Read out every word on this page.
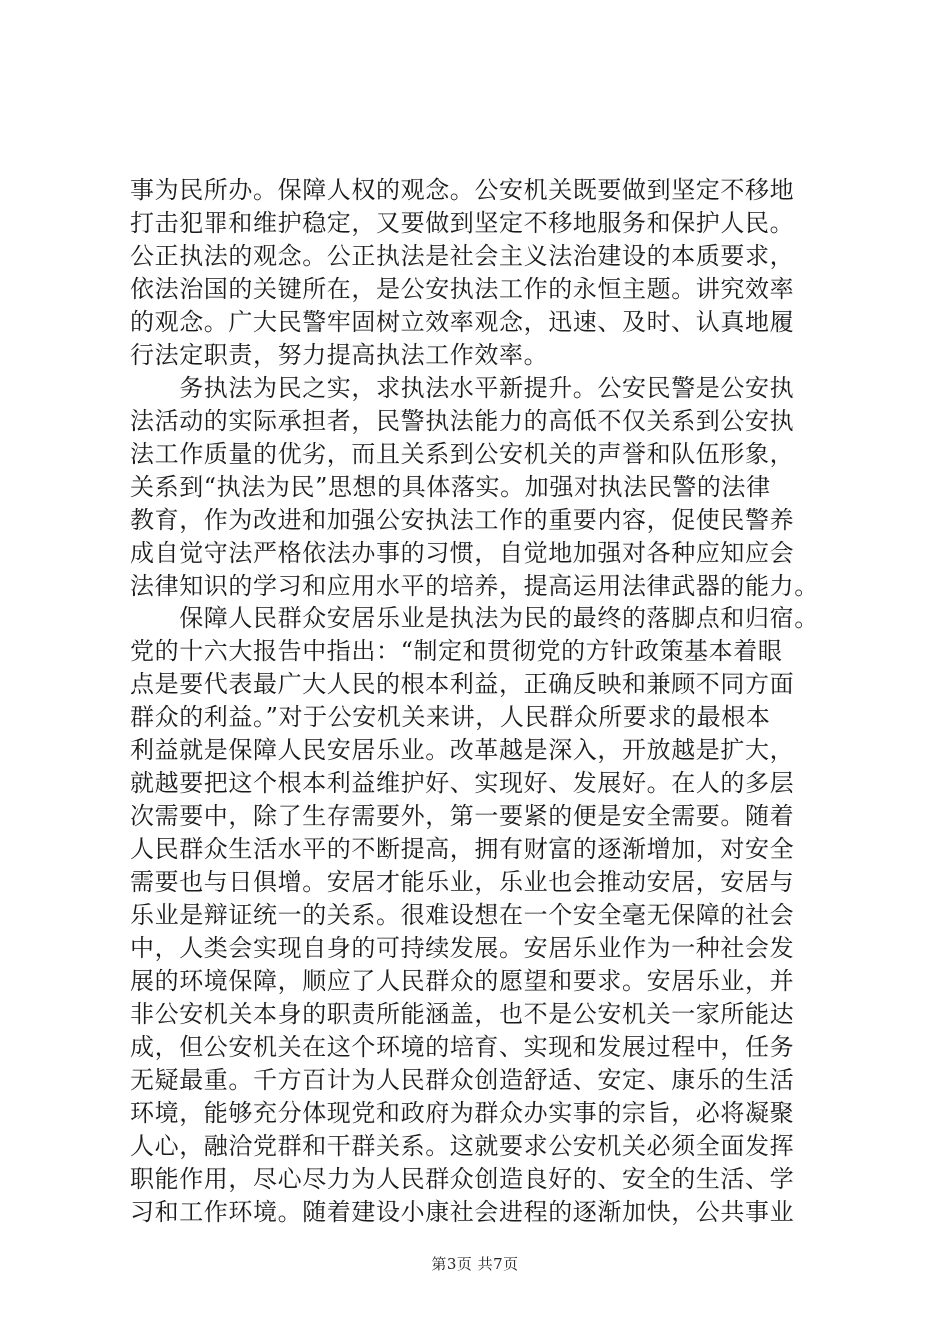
事为民所办。保障人权的观念。公安机关既要做到坚定不移地
打击犯罪和维护稳定，又要做到坚定不移地服务和保护人民。
公正执法的观念。公正执法是社会主义法治建设的本质要求，
依法治国的关键所在，是公安执法工作的永恒主题。讲究效率
的观念。广大民警牢固树立效率观念，迅速、及时、认真地履
行法定职责，努力提高执法工作效率。
　　务执法为民之实，求执法水平新提升。公安民警是公安执
法活动的实际承担者，民警执法能力的高低不仅关系到公安执
法工作质量的优劣，而且关系到公安机关的声誉和队伍形象，
关系到“执法为民”思想的具体落实。加强对执法民警的法律
教育，作为改进和加强公安执法工作的重要内容，促使民警养
成自觉守法严格依法办事的习惯，自觉地加强对各种应知应会
法律知识的学习和应用水平的培养，提高运用法律武器的能力。
　　保障人民群众安居乐业是执法为民的最终的落脚点和归宿。
党的十六大报告中指出：“制定和贯彻党的方针政策基本着眼
点是要代表最广大人民的根本利益，正确反映和兼顾不同方面
群众的利益。”对于公安机关来讲，人民群众所要求的最根本
利益就是保障人民安居乐业。改革越是深入，开放越是扩大，
就越要把这个根本利益维护好、实现好、发展好。在人的多层
次需要中，除了生存需要外，第一要紧的便是安全需要。随着
人民群众生活水平的不断提高，拥有财富的逐渐增加，对安全
需要也与日俱增。安居才能乐业，乐业也会推动安居，安居与
乐业是辩证统一的关系。很难设想在一个安全毫无保障的社会
中，人类会实现自身的可持续发展。安居乐业作为一种社会发
展的环境保障，顺应了人民群众的愿望和要求。安居乐业，并
非公安机关本身的职责所能涵盖，也不是公安机关一家所能达
成，但公安机关在这个环境的培育、实现和发展过程中，任务
无疑最重。千方百计为人民群众创造舒适、安定、康乐的生活
环境，能够充分体现党和政府为群众办实事的宗旨，必将凝聚
人心，融洽党群和干群关系。这就要求公安机关必须全面发挥
职能作用，尽心尽力为人民群众创造良好的、安全的生活、学
习和工作环境。随着建设小康社会进程的逐渐加快，公共事业
第3页 共7页
